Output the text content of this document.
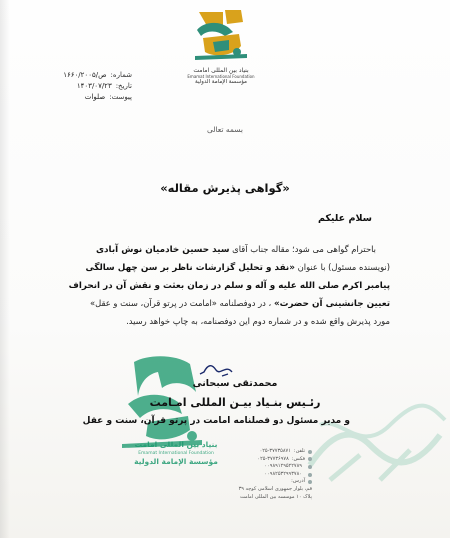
بنیاد بین المللی امامت
Emamat International Foundation
مؤسسة الإمامة الدولية
شماره:
۱۶۶۰/ص/۲۰۰۵
تاریخ:
۱۴۰۳/۰۷/۲۳
پیوست:
صلوات
بسمه تعالی
«گواهی پذیرش مقاله»
سلام علیکم

باحترام گواهی می شود؛ مقاله جناب آقای سید حسین خادمیان نوش آبادی

(نویسنده مسئول) با عنوان «نقد و تحلیل گزارشات ناظر بر سن چهل سالگی

پیامبر اکرم صلی الله علیه و آله و سلم در زمان بعثت و نقش آن در انحراف

تعیین جانشینی آن حضرت» ، در دوفصلنامه «امامت در پرتو قرآن، سنت و عقل»

مورد پذیرش واقع شده و در شماره دوم این دوفصنامه، به چاپ خواهد رسید.

بنیاد بین المللی امامت
Emamat International Foundation
مؤسسة الإمامة الدولية
محمدتقی سبحانی
رئـیس بنـیاد بیـن المللی امـامت
و مدیر مسئول دو فصلنامه امامت در پرتو قرآن، سنت و عقل
تلفن:
۰۲۵-۳۷۷۳۵۸۷۱
فکس:
۰۲۵-۳۷۷۳۶۹۷۸
۰۰۹۸۹۱۲۹۵۲۲۷۸۹
۰۰۹۸۲۵۳۲۹۹۳۷۸۰
آدرس:
قم، بلوار جمهوری اسلامی کوچه ۳۹
پلاک ۱۰ موسسه بین المللی امامت
